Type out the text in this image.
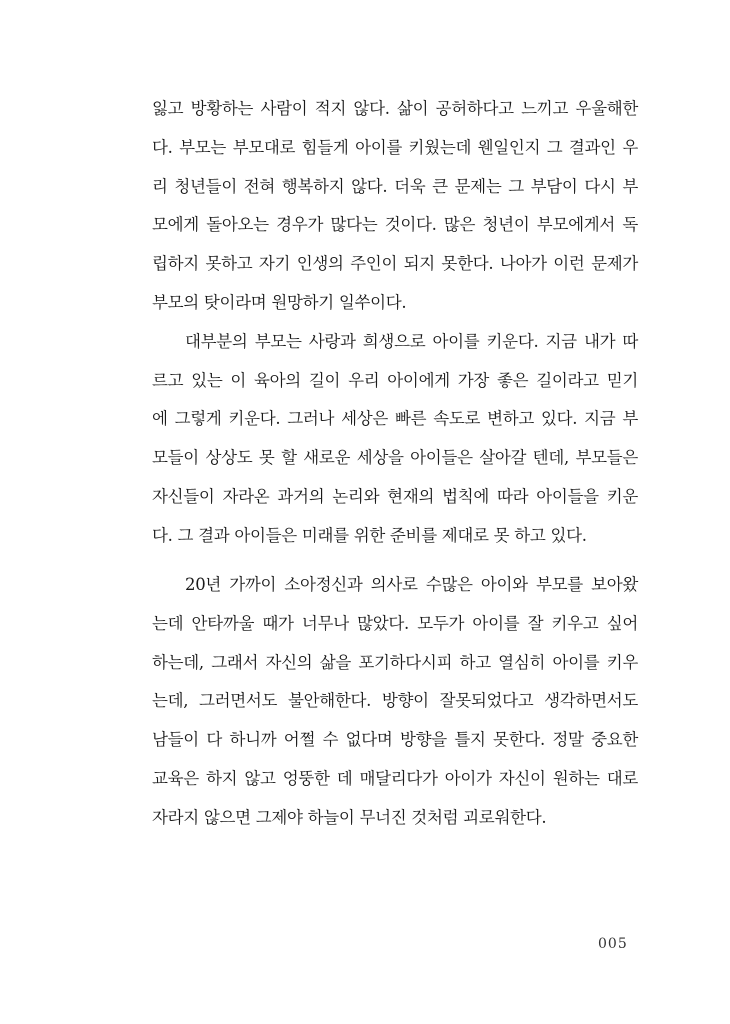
잃고 방황하는 사람이 적지 않다. 삶이 공허하다고 느끼고 우울해한
다. 부모는 부모대로 힘들게 아이를 키웠는데 웬일인지 그 결과인 우
리 청년들이 전혀 행복하지 않다. 더욱 큰 문제는 그 부담이 다시 부
모에게 돌아오는 경우가 많다는 것이다. 많은 청년이 부모에게서 독
립하지 못하고 자기 인생의 주인이 되지 못한다. 나아가 이런 문제가
부모의 탓이라며 원망하기 일쑤이다.
대부분의 부모는 사랑과 희생으로 아이를 키운다. 지금 내가 따
르고 있는 이 육아의 길이 우리 아이에게 가장 좋은 길이라고 믿기
에 그렇게 키운다. 그러나 세상은 빠른 속도로 변하고 있다. 지금 부
모들이 상상도 못 할 새로운 세상을 아이들은 살아갈 텐데, 부모들은
자신들이 자라온 과거의 논리와 현재의 법칙에 따라 아이들을 키운
다. 그 결과 아이들은 미래를 위한 준비를 제대로 못 하고 있다.
20년 가까이 소아정신과 의사로 수많은 아이와 부모를 보아왔
는데 안타까울 때가 너무나 많았다. 모두가 아이를 잘 키우고 싶어
하는데, 그래서 자신의 삶을 포기하다시피 하고 열심히 아이를 키우
는데, 그러면서도 불안해한다. 방향이 잘못되었다고 생각하면서도
남들이 다 하니까 어쩔 수 없다며 방향을 틀지 못한다. 정말 중요한
교육은 하지 않고 엉뚱한 데 매달리다가 아이가 자신이 원하는 대로
자라지 않으면 그제야 하늘이 무너진 것처럼 괴로워한다.
005
